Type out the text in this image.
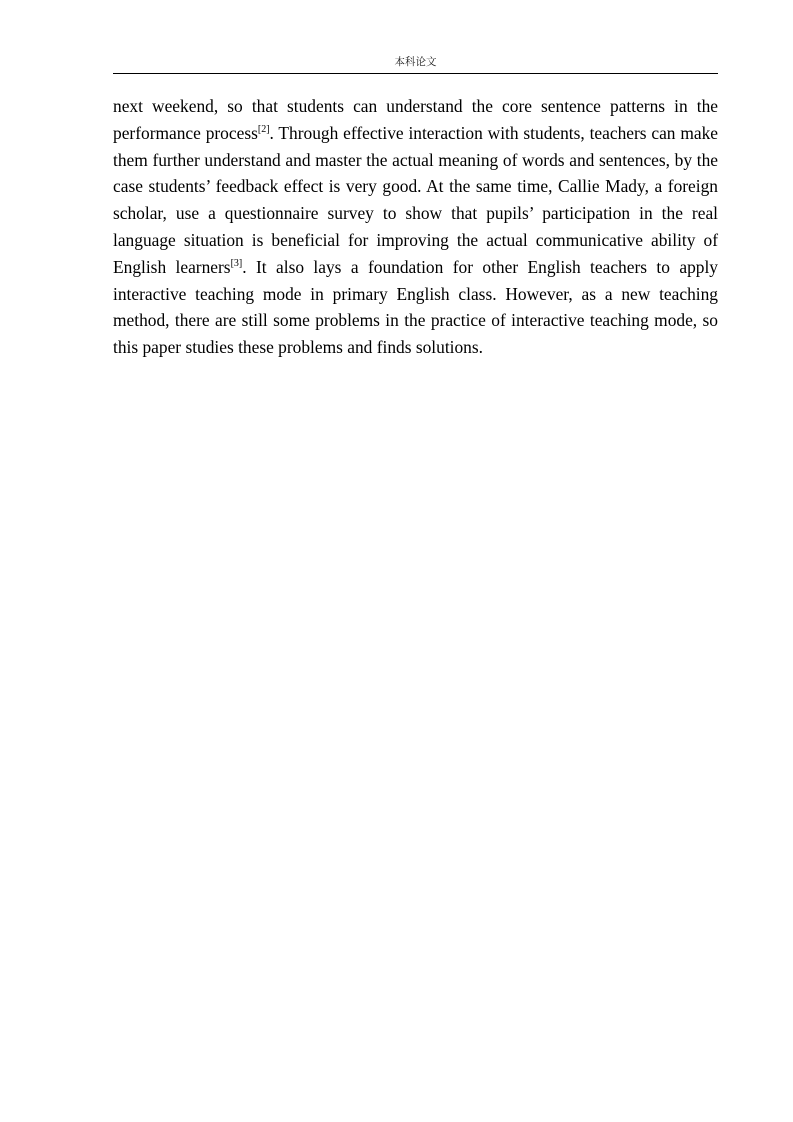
本科论文

next weekend, so that students can understand the core sentence patterns in the performance process[2]. Through effective interaction with students, teachers can make them further understand and master the actual meaning of words and sentences, by the case students’ feedback effect is very good. At the same time, Callie Mady, a foreign scholar, use a questionnaire survey to show that pupils’ participation in the real language situation is beneficial for improving the actual communicative ability of English learners[3]. It also lays a foundation for other English teachers to apply interactive teaching mode in primary English class. However, as a new teaching method, there are still some problems in the practice of interactive teaching mode, so this paper studies these problems and finds solutions.
